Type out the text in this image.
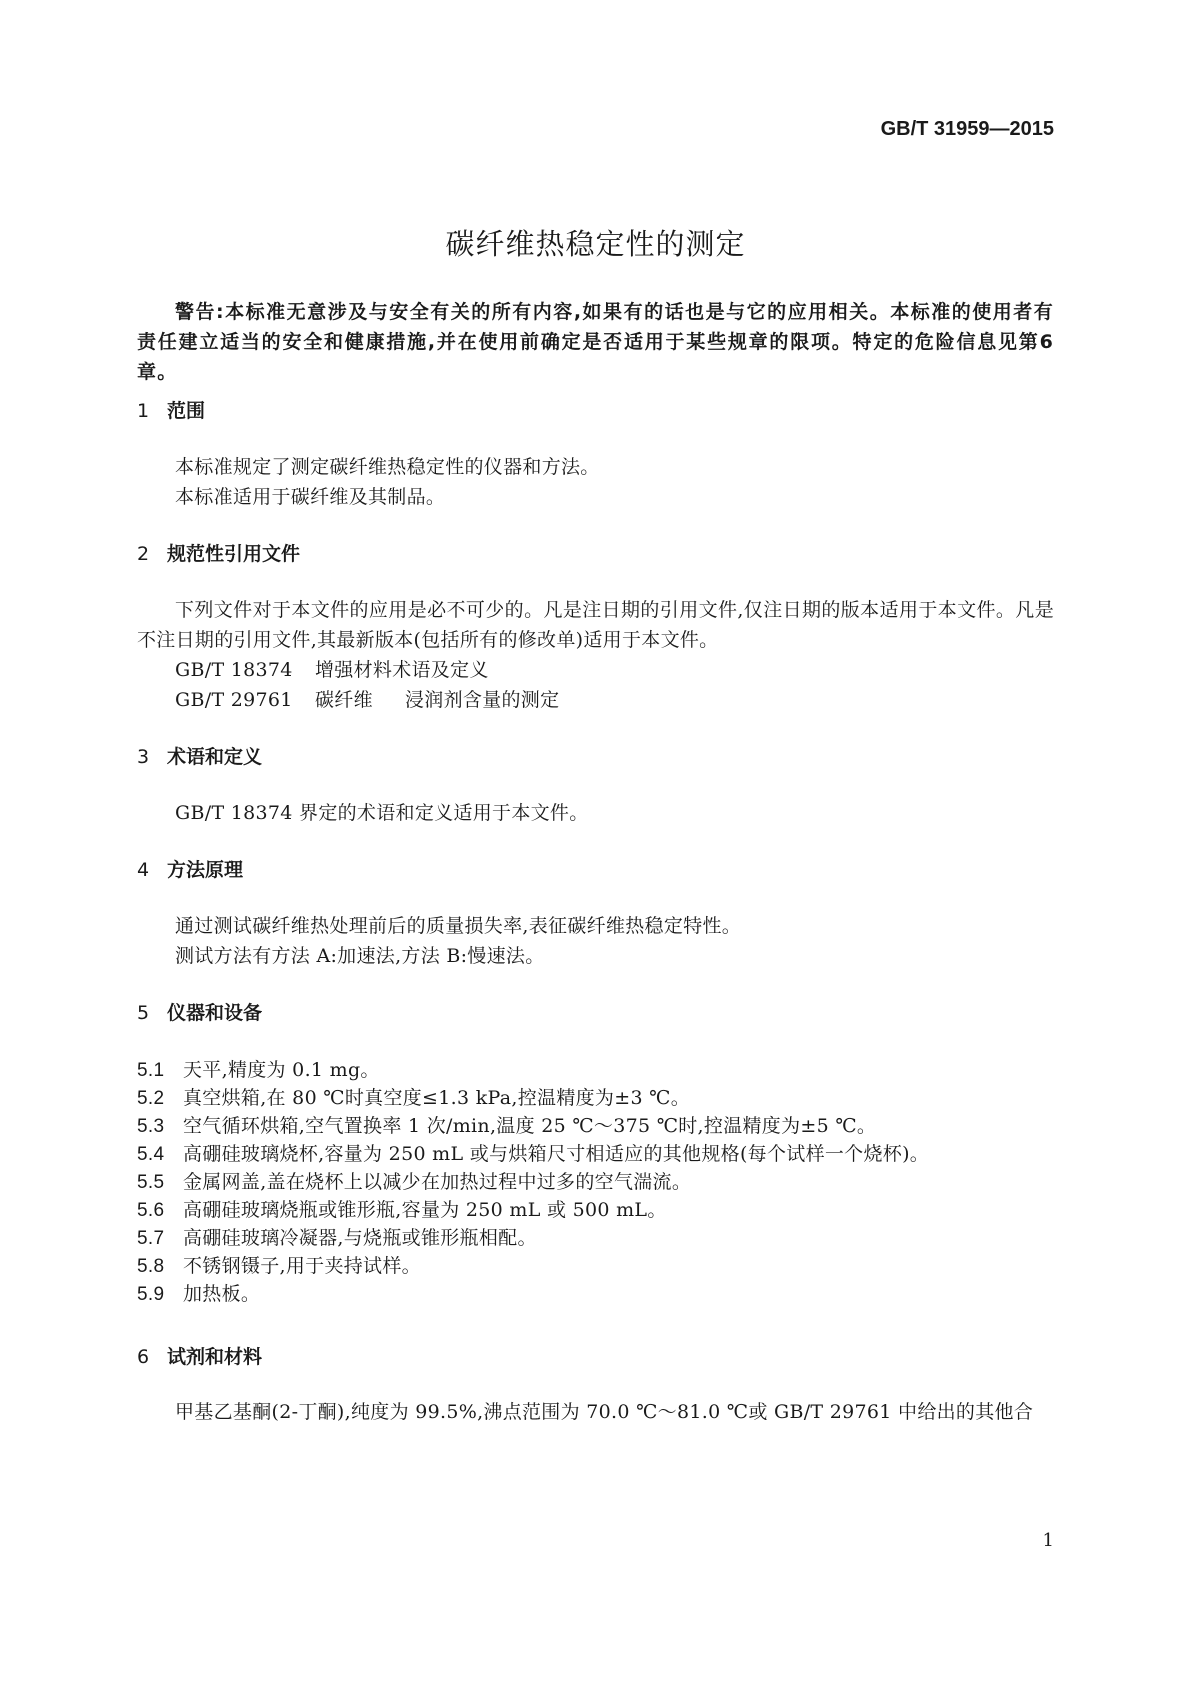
GB/T 31959—2015
碳纤维热稳定性的测定
警告:本标准无意涉及与安全有关的所有内容,如果有的话也是与它的应用相关。本标准的使用者有责任建立适当的安全和健康措施,并在使用前确定是否适用于某些规章的限项。特定的危险信息见第6章。
1 范围
本标准规定了测定碳纤维热稳定性的仪器和方法。
本标准适用于碳纤维及其制品。
2 规范性引用文件
下列文件对于本文件的应用是必不可少的。凡是注日期的引用文件,仅注日期的版本适用于本文件。凡是不注日期的引用文件,其最新版本(包括所有的修改单)适用于本文件。
GB/T 18374 增强材料术语及定义
GB/T 29761 碳纤维 浸润剂含量的测定
3 术语和定义
GB/T 18374 界定的术语和定义适用于本文件。
4 方法原理
通过测试碳纤维热处理前后的质量损失率,表征碳纤维热稳定特性。
测试方法有方法 A:加速法,方法 B:慢速法。
5 仪器和设备
5.1 天平,精度为 0.1 mg。
5.2 真空烘箱,在 80 ℃时真空度≤1.3 kPa,控温精度为±3 ℃。
5.3 空气循环烘箱,空气置换率 1 次/min,温度 25 ℃～375 ℃时,控温精度为±5 ℃。
5.4 高硼硅玻璃烧杯,容量为 250 mL 或与烘箱尺寸相适应的其他规格(每个试样一个烧杯)。
5.5 金属网盖,盖在烧杯上以减少在加热过程中过多的空气湍流。
5.6 高硼硅玻璃烧瓶或锥形瓶,容量为 250 mL 或 500 mL。
5.7 高硼硅玻璃冷凝器,与烧瓶或锥形瓶相配。
5.8 不锈钢镊子,用于夹持试样。
5.9 加热板。
6 试剂和材料
甲基乙基酮(2-丁酮),纯度为 99.5%,沸点范围为 70.0 ℃～81.0 ℃或 GB/T 29761 中给出的其他合
1
